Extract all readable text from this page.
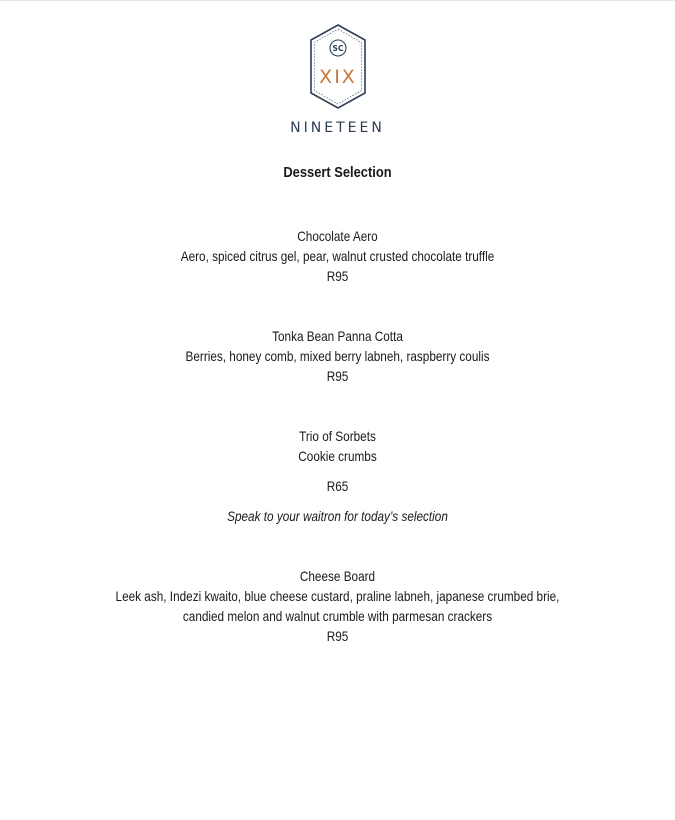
SC
XIX
NINETEEN
Dessert Selection
Chocolate Aero
Aero, spiced citrus gel, pear, walnut crusted chocolate truffle
R95
Tonka Bean Panna Cotta
Berries, honey comb, mixed berry labneh, raspberry coulis
R95
Trio of Sorbets
Cookie crumbs
R65
Speak to your waitron for today’s selection
Cheese Board
Leek ash, Indezi kwaito, blue cheese custard, praline labneh, japanese crumbed brie,
candied melon and walnut crumble with parmesan crackers
R95
